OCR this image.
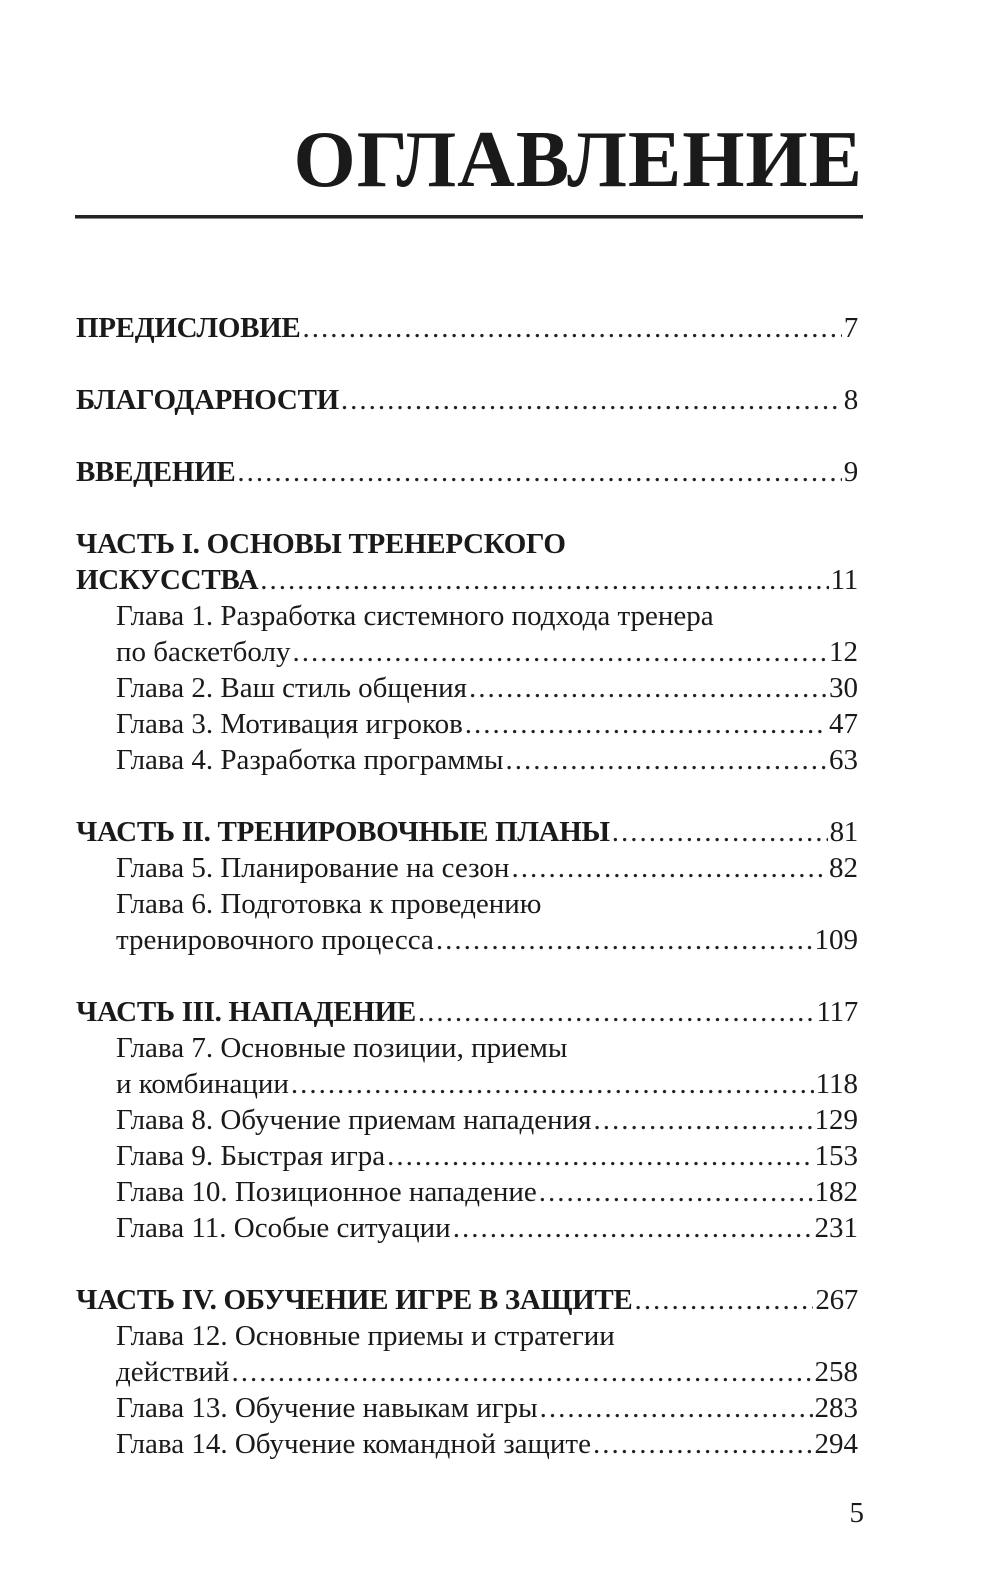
ОГЛАВЛЕНИЕ
ПРЕДИСЛОВИЕ .....	7
БЛАГОДАРНОСТИ .....	8
ВВЕДЕНИЕ .....	9
ЧАСТЬ I. ОСНОВЫ ТРЕНЕРСКОГО
ИСКУССТВА .....	11
Глава 1. Разработка системного подхода тренера
по баскетболу .....	12
Глава 2. Ваш стиль общения .....	30
Глава 3. Мотивация игроков .....	47
Глава 4. Разработка программы .....	63
ЧАСТЬ II. ТРЕНИРОВОЧНЫЕ ПЛАНЫ .....	81
Глава 5. Планирование на сезон .....	82
Глава 6. Подготовка к проведению
тренировочного процесса .....	109
ЧАСТЬ III. НАПАДЕНИЕ .....	117
Глава 7. Основные позиции, приемы
и комбинации .....	118
Глава 8. Обучение приемам нападения .....	129
Глава 9. Быстрая игра .....	153
Глава 10. Позиционное нападение .....	182
Глава 11. Особые ситуации .....	231
ЧАСТЬ IV. ОБУЧЕНИЕ ИГРЕ В ЗАЩИТЕ .....	267
Глава 12. Основные приемы и стратегии
действий .....	258
Глава 13. Обучение навыкам игры .....	283
Глава 14. Обучение командной защите .....	294
5
